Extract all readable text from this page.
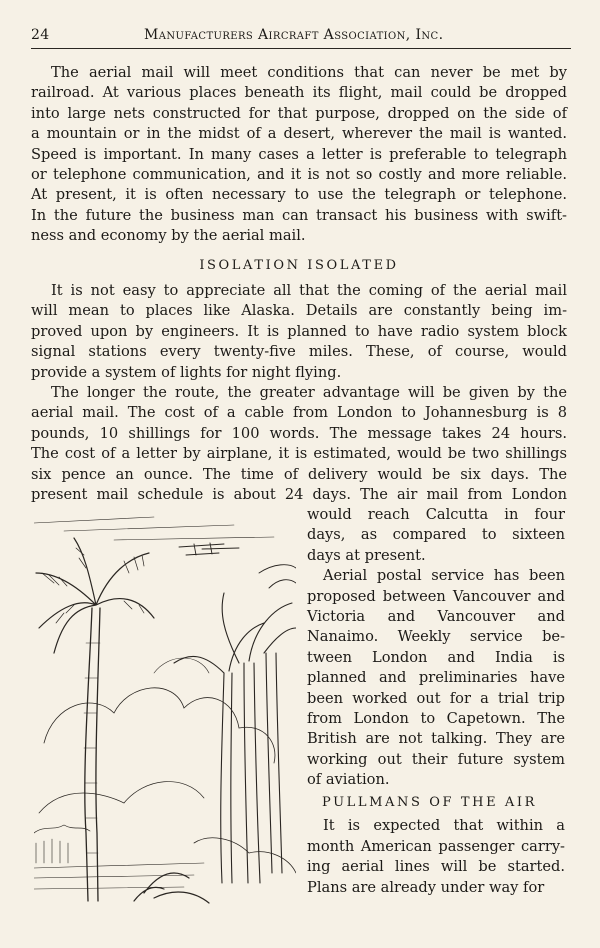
24	Manufacturers Aircraft Association, Inc.
The aerial mail will meet conditions that can never be met by
railroad. At various places beneath its flight, mail could be dropped
into large nets constructed for that purpose, dropped on the side of
a mountain or in the midst of a desert, wherever the mail is wanted.
Speed is important. In many cases a letter is preferable to telegraph
or telephone communication, and it is not so costly and more reliable.
At present, it is often necessary to use the telegraph or telephone.
In the future the business man can transact his business with swift-
ness and economy by the aerial mail.
ISOLATION ISOLATED
It is not easy to appreciate all that the coming of the aerial mail
will mean to places like Alaska. Details are constantly being im-
proved upon by engineers. It is planned to have radio system block
signal stations every twenty-five miles. These, of course, would
provide a system of lights for night flying.
The longer the route, the greater advantage will be given by the
aerial mail. The cost of a cable from London to Johannesburg is 8
pounds, 10 shillings for 100 words. The message takes 24 hours.
The cost of a letter by airplane, it is estimated, would be two shillings
six pence an ounce. The time of delivery would be six days. The
present mail schedule is about 24 days. The air mail from London
would reach Calcutta in four
days, as compared to sixteen
days at present.
Aerial postal service has been
proposed between Vancouver and
Victoria and Vancouver and
Nanaimo. Weekly service be-
tween London and India is
planned and preliminaries have
been worked out for a trial trip
from London to Capetown. The
British are not talking. They are
working out their future system
of aviation.
PULLMANS OF THE AIR
It is expected that within a
month American passenger carry-
ing aerial lines will be started.
Plans are already under way for
